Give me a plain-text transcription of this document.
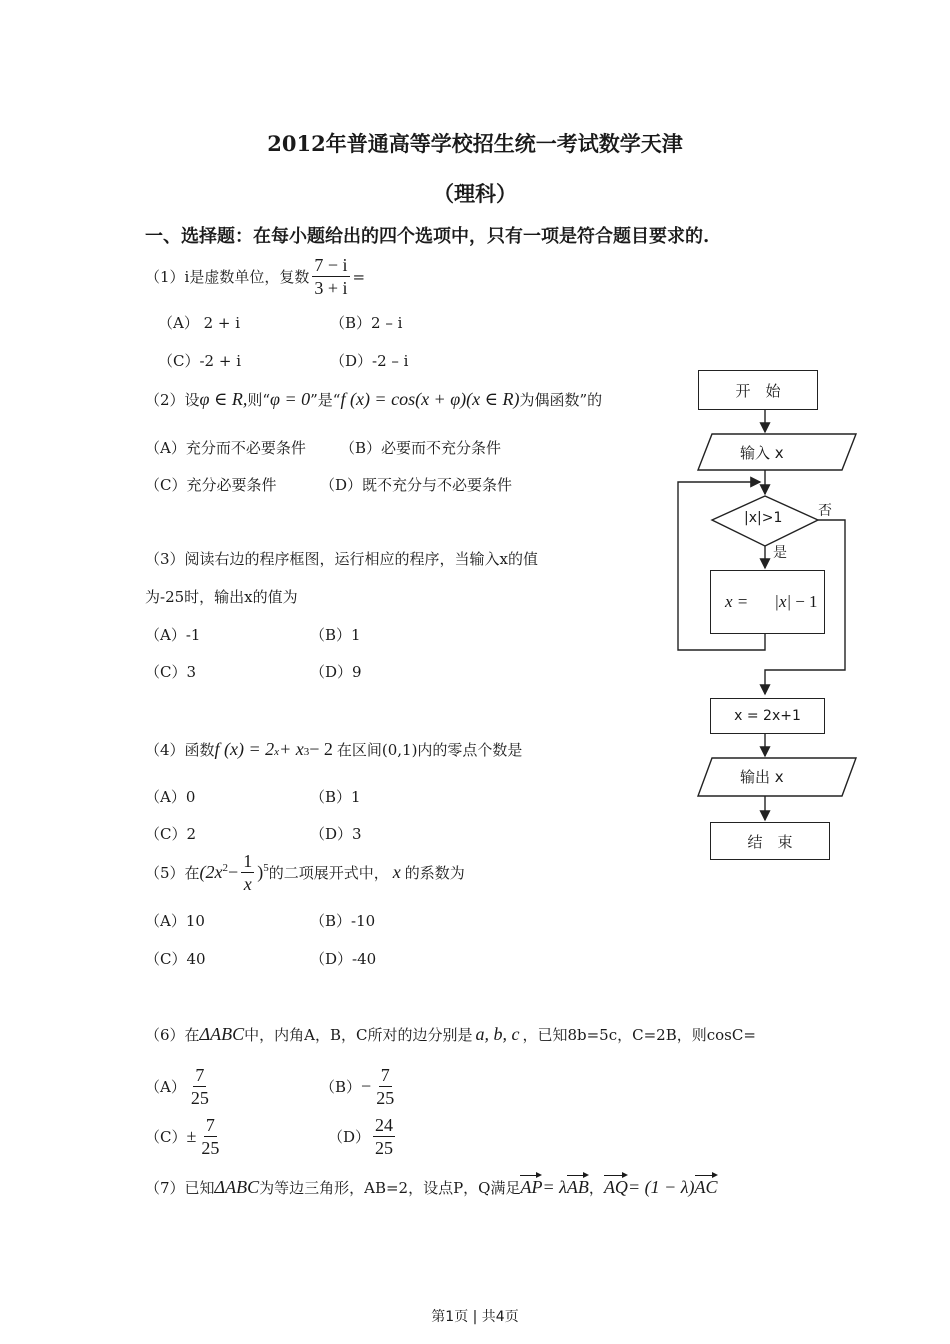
2012年普通高等学校招生统一考试数学天津
（理科）
一、选择题：在每小题给出的四个选项中，只有一项是符合题目要求的.
（1）i是虚数单位，复数 $\frac{7 - i}{3 + i}$ =
（A） 2 + i	（B）2 – i
（C）-2 + i	（D）-2 – i
（2）设 φ ∈ R, 则“ φ = 0 ”是“ f (x) = cos(x + φ)(x ∈ R) 为偶函数”的
（A）充分而不必要条件 （B）必要而不充分条件
（C）充分必要条件	（D）既不充分与不必要条件
（3）阅读右边的程序框图，运行相应的程序，当输入x的值
为-25时，输出x的值为
（A）-1	（B）1
（C）3	（D）9
（4）函数 f (x) = 2 x + x 3 − 2 在区间(0,1)内的零点个数是
（A）0	（B）1
（C）2	（D）3
（5）在 $(2x^2 - \frac{1}{x} )^5$ 的二项展开式中， x 的系数为
（A）10	（B）-10
（C）40	（D）-40
（6）在 ΔABC 中，内角A，B，C所对的边分别是 a, b, c ，已知8b=5c，C=2B，则cosC=
$(A) \frac{7}{25}$	$(B) - \frac{7}{25}$
$(C) \pm \frac{7}{25}$	$(D) \frac{24}{25}$
（7）已知 ΔABC 为等边三角形，AB=2，设点P，Q满足 AP = λ AB ， AQ = (1 − λ) AC
开　始
输入 x
|x|>1	否
是
x = |x| − 1
x = 2x+1
输出 x
结　束
第1页 | 共4页
